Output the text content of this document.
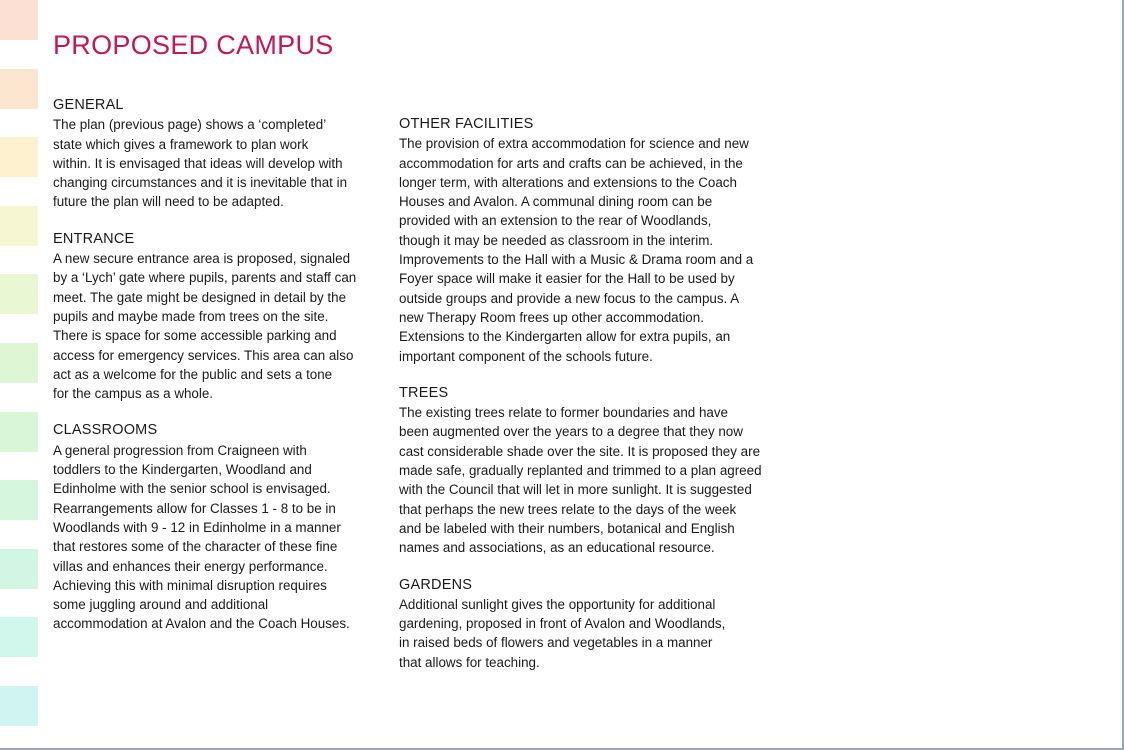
PROPOSED CAMPUS
GENERAL

The plan (previous page) shows a ‘completed’
state which gives a framework to plan work
within. It is envisaged that ideas will develop with
changing circumstances and it is inevitable that in
future the plan will need to be adapted.

ENTRANCE

A new secure entrance area is proposed, signaled
by a ‘Lych’ gate where pupils, parents and staff can
meet. The gate might be designed in detail by the
pupils and maybe made from trees on the site.
There is space for some accessible parking and
access for emergency services. This area can also
act as a welcome for the public and sets a tone
for the campus as a whole.

CLASSROOMS

A general progression from Craigneen with
toddlers to the Kindergarten, Woodland and
Edinholme with the senior school is envisaged.
Rearrangements allow for Classes 1 - 8 to be in
Woodlands with 9 - 12 in Edinholme in a manner
that restores some of the character of these fine
villas and enhances their energy performance.
Achieving this with minimal disruption requires
some juggling around and additional
accommodation at Avalon and the Coach Houses.

OTHER FACILITIES

The provision of extra accommodation for science and new
accommodation for arts and crafts can be achieved, in the
longer term, with alterations and extensions to the Coach
Houses and Avalon. A communal dining room can be
provided with an extension to the rear of Woodlands,
though it may be needed as classroom in the interim.
Improvements to the Hall with a Music & Drama room and a
Foyer space will make it easier for the Hall to be used by
outside groups and provide a new focus to the campus. A
new Therapy Room frees up other accommodation.
Extensions to the Kindergarten allow for extra pupils, an
important component of the schools future.

TREES

The existing trees relate to former boundaries and have
been augmented over the years to a degree that they now
cast considerable shade over the site. It is proposed they are
made safe, gradually replanted and trimmed to a plan agreed
with the Council that will let in more sunlight. It is suggested
that perhaps the new trees relate to the days of the week
and be labeled with their numbers, botanical and English
names and associations, as an educational resource.

GARDENS

Additional sunlight gives the opportunity for additional
gardening, proposed in front of Avalon and Woodlands,
in raised beds of flowers and vegetables in a manner
that allows for teaching.
